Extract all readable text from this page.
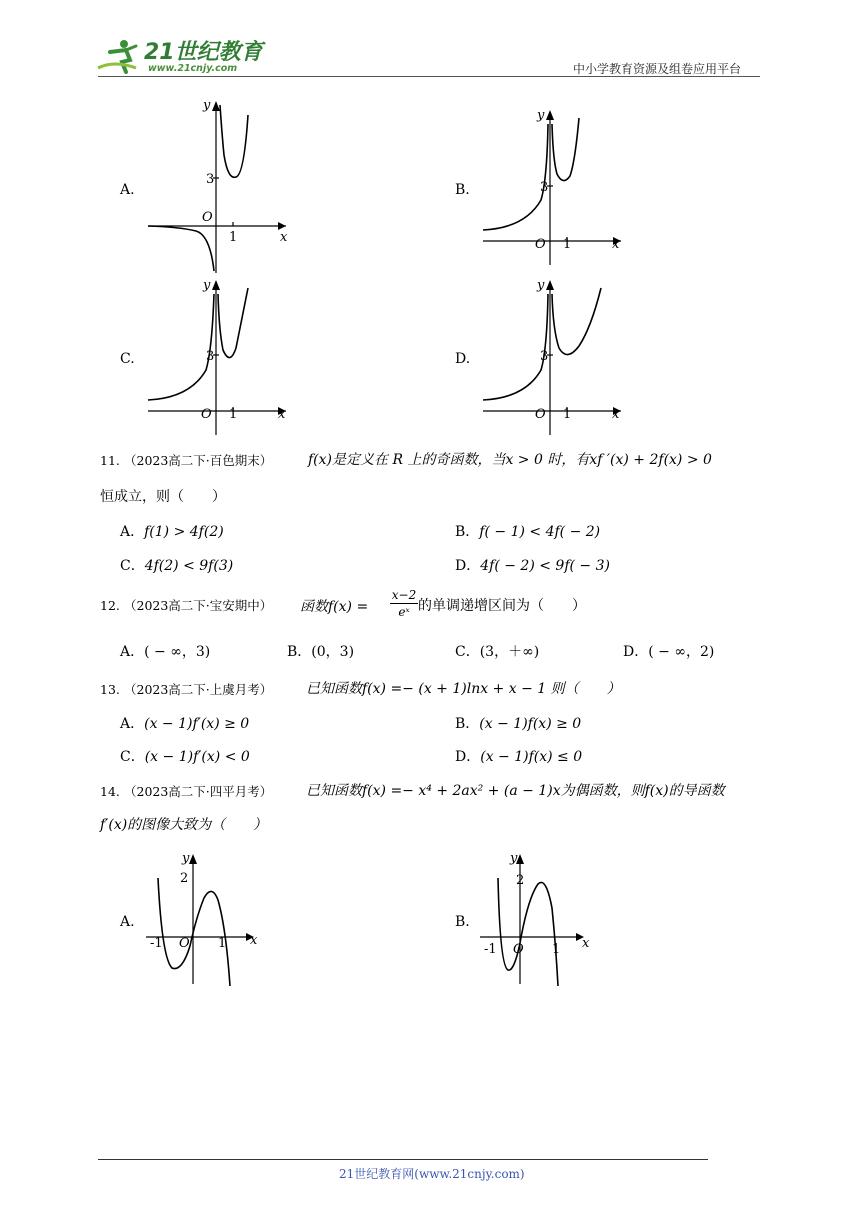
21世纪教育
www.21cnjy.com	中小学教育资源及组卷应用平台
A.
y
x
O
3
1
B.
y
x
O
3
1
C.
y
x
O
3
1
D.
y
x
O
3
1
11. （2023高二下·百色期末）	f(x)是定义在 R 上的奇函数，当x > 0 时，有xf ′(x) + 2f(x) > 0
恒成立，则（　　）
A．f(1) > 4f(2)	B．f( − 1) < 4f( − 2)
C．4f(2) < 9f(3)	D．4f( − 2) < 9f( − 3)
12. （2023高二下·宝安期中） 函数f(x) =
x−2
eˣ 的单调递增区间为（　　）
A．( − ∞，3)	B．(0，3)	C．(3，＋∞)	D．( − ∞，2)
13. （2023高二下·上虞月考） 已知函数f(x) =− (x + 1)lnx + x − 1 则（　　）
A．(x − 1)f′(x) ≥ 0	B．(x − 1)f(x) ≥ 0
C．(x − 1)f′(x) < 0	D．(x − 1)f(x) ≤ 0
14. （2023高二下·四平月考） 已知函数f(x) =− x⁴ + 2ax² + (a − 1)x为偶函数，则f(x)的导函数
f′(x)的图像大致为（　　）
A.
y
x
O
2
-1	1
B.
y
x
O
2
-1	1
21世纪教育网(www.21cnjy.com)
